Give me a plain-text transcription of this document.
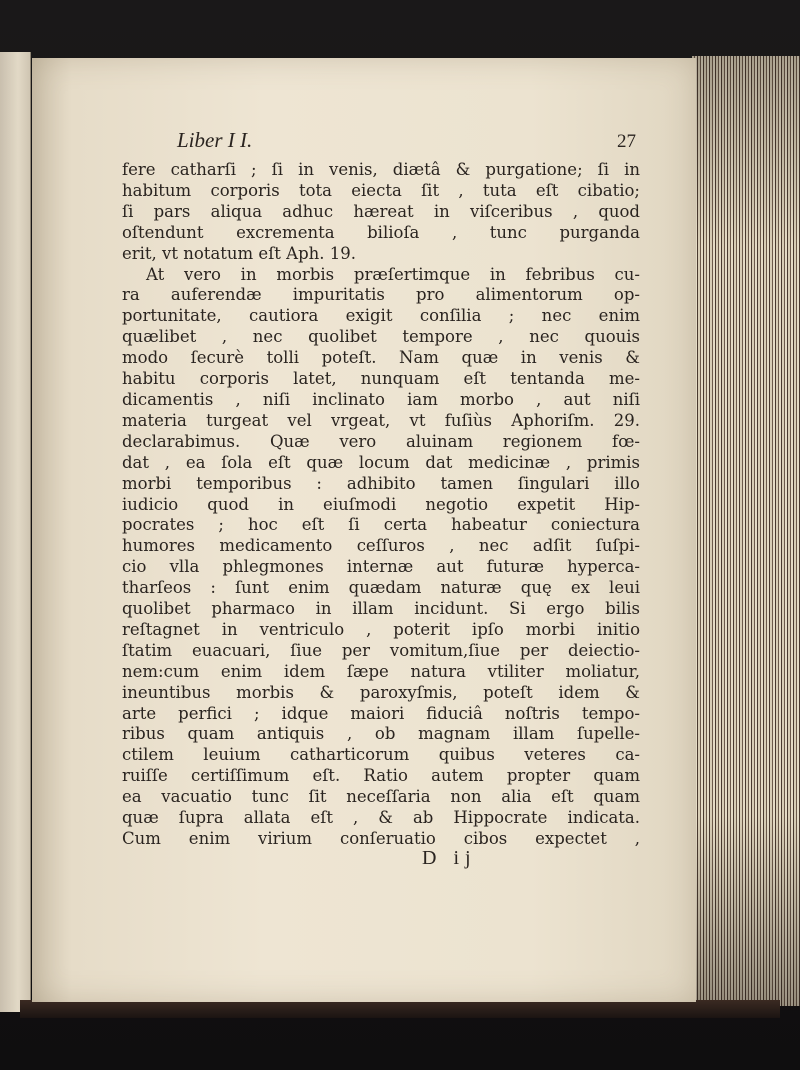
Liber I I.	27
fere catharſi ; ſi in venis, diætâ & purgatione; ſi in
habitum corporis tota eiecta ſit , tuta eſt cibatio;
ſi pars aliqua adhuc hæreat in viſceribus , quod
oſtendunt excrementa bilioſa , tunc purganda
erit, vt notatum eſt Aph. 19.
At vero in morbis præſertimque in febribus cu-
ra auferendæ impuritatis pro alimentorum op-
portunitate, cautiora exigit conſilia ; nec enim
quælibet , nec quolibet tempore , nec quouis
modo ſecurè tolli poteſt. Nam quæ in venis &
habitu corporis latet, nunquam eſt tentanda me-
dicamentis , niſi inclinato iam morbo , aut niſi
materia turgeat vel vrgeat, vt fuſiùs Aphoriſm. 29.
declarabimus. Quæ vero aluinam regionem fœ-
dat , ea ſola eſt quæ locum dat medicinæ , primis
morbi temporibus : adhibito tamen ſingulari illo
iudicio quod in eiuſmodi negotio expetit Hip-
pocrates ; hoc eſt ſi certa habeatur coniectura
humores medicamento ceſſuros , nec adſit ſuſpi-
cio vlla phlegmones internæ aut futuræ hyperca-
tharſeos : ſunt enim quædam naturæ quę ex leui
quolibet pharmaco in illam incidunt. Si ergo bilis
reſtagnet in ventriculo , poterit ipſo morbi initio
ſtatim euacuari, ſiue per vomitum,ſiue per deiectio-
nem:cum enim idem ſæpe natura vtiliter moliatur,
ineuntibus morbis & paroxyſmis, poteſt idem &
arte perfici ; idque maiori fiduciâ noſtris tempo-
ribus quam antiquis , ob magnam illam ſupelle-
ctilem leuium catharticorum quibus veteres ca-
ruiſſe certiſſimum eſt. Ratio autem propter quam
ea vacuatio tunc ſit neceſſaria non alia eſt quam
quæ ſupra allata eſt , & ab Hippocrate indicata.
Cum enim virium conſeruatio cibos expectet ,
D ij
